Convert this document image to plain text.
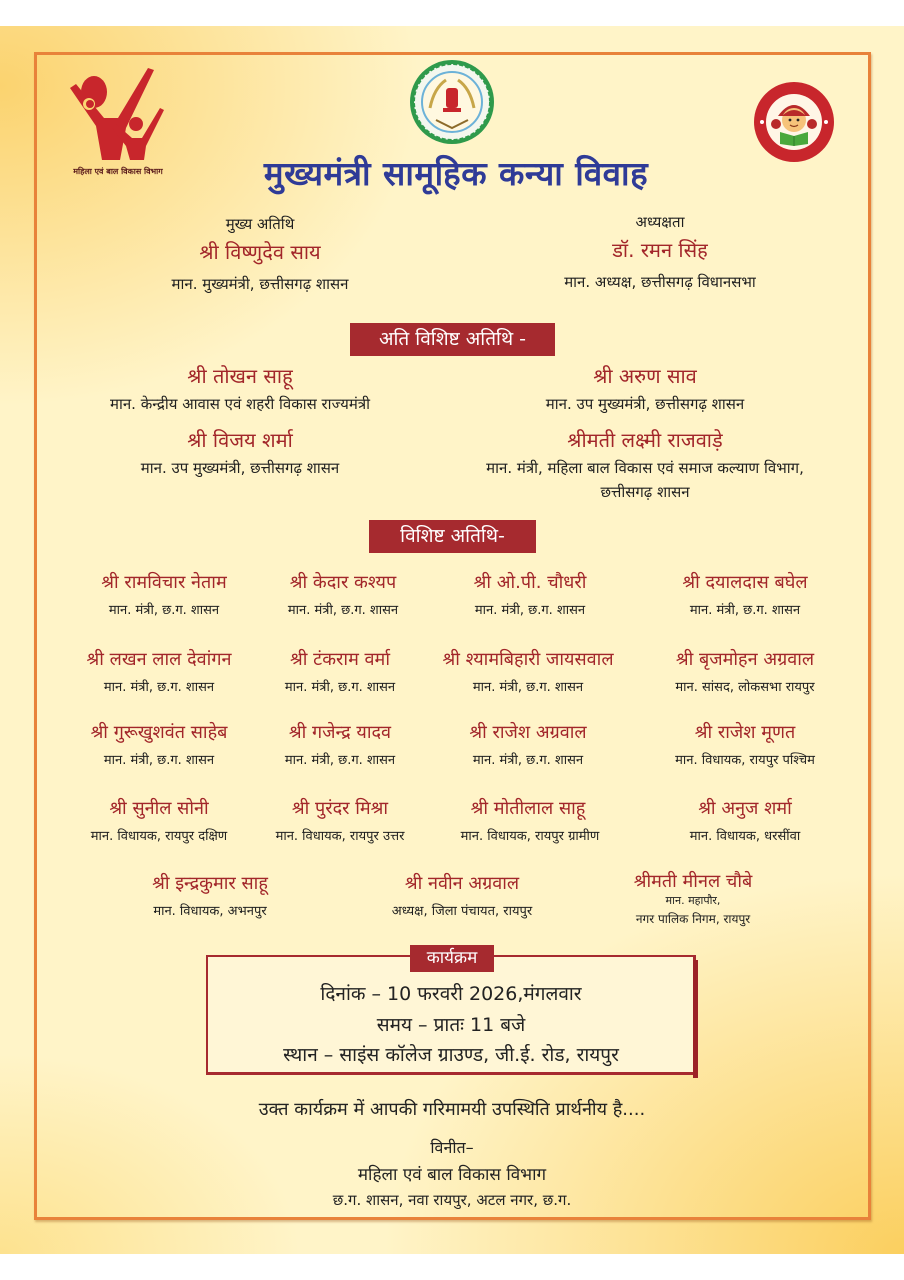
महिला एवं बाल विकास विभाग	मुख्यमंत्री सामूहिक कन्या विवाह
मुख्य अतिथि
श्री विष्णुदेव साय
मान. मुख्यमंत्री, छत्तीसगढ़ शासन
अध्यक्षता
डॉ. रमन सिंह
मान. अध्यक्ष, छत्तीसगढ़ विधानसभा
अति विशिष्ट अतिथि -
श्री तोखन साहू
मान. केन्द्रीय आवास एवं शहरी विकास राज्यमंत्री
श्री अरुण साव
मान. उप मुख्यमंत्री, छत्तीसगढ़ शासन
श्री विजय शर्मा
मान. उप मुख्यमंत्री, छत्तीसगढ़ शासन
श्रीमती लक्ष्मी राजवाड़े
मान. मंत्री, महिला बाल विकास एवं समाज कल्याण विभाग,
छत्तीसगढ़ शासन
विशिष्ट अतिथि-
श्री रामविचार नेताम
मान. मंत्री, छ.ग. शासन
श्री केदार कश्यप
मान. मंत्री, छ.ग. शासन
श्री ओ.पी. चौधरी
मान. मंत्री, छ.ग. शासन
श्री दयालदास बघेल
मान. मंत्री, छ.ग. शासन
श्री लखन लाल देवांगन
मान. मंत्री, छ.ग. शासन
श्री टंकराम वर्मा
मान. मंत्री, छ.ग. शासन
श्री श्यामबिहारी जायसवाल
मान. मंत्री, छ.ग. शासन
श्री बृजमोहन अग्रवाल
मान. सांसद, लोकसभा रायपुर
श्री गुरूखुशवंत साहेब
मान. मंत्री, छ.ग. शासन
श्री गजेन्द्र यादव
मान. मंत्री, छ.ग. शासन
श्री राजेश अग्रवाल
मान. मंत्री, छ.ग. शासन
श्री राजेश मूणत
मान. विधायक, रायपुर पश्चिम
श्री सुनील सोनी
मान. विधायक, रायपुर दक्षिण
श्री पुरंदर मिश्रा
मान. विधायक, रायपुर उत्तर
श्री मोतीलाल साहू
मान. विधायक, रायपुर ग्रामीण
श्री अनुज शर्मा
मान. विधायक, धरसींवा
श्री इन्द्रकुमार साहू
मान. विधायक, अभनपुर
श्री नवीन अग्रवाल
अध्यक्ष, जिला पंचायत, रायपुर
श्रीमती मीनल चौबे
मान. महापौर,
नगर पालिक निगम, रायपुर
कार्यक्रम
दिनांक – 10 फरवरी 2026,मंगलवार
समय – प्रातः 11 बजे
स्थान – साइंस कॉलेज ग्राउण्ड, जी.ई. रोड, रायपुर
उक्त कार्यक्रम में आपकी गरिमामयी उपस्थिति प्रार्थनीय है....
विनीत–
महिला एवं बाल विकास विभाग
छ.ग. शासन, नवा रायपुर, अटल नगर, छ.ग.
